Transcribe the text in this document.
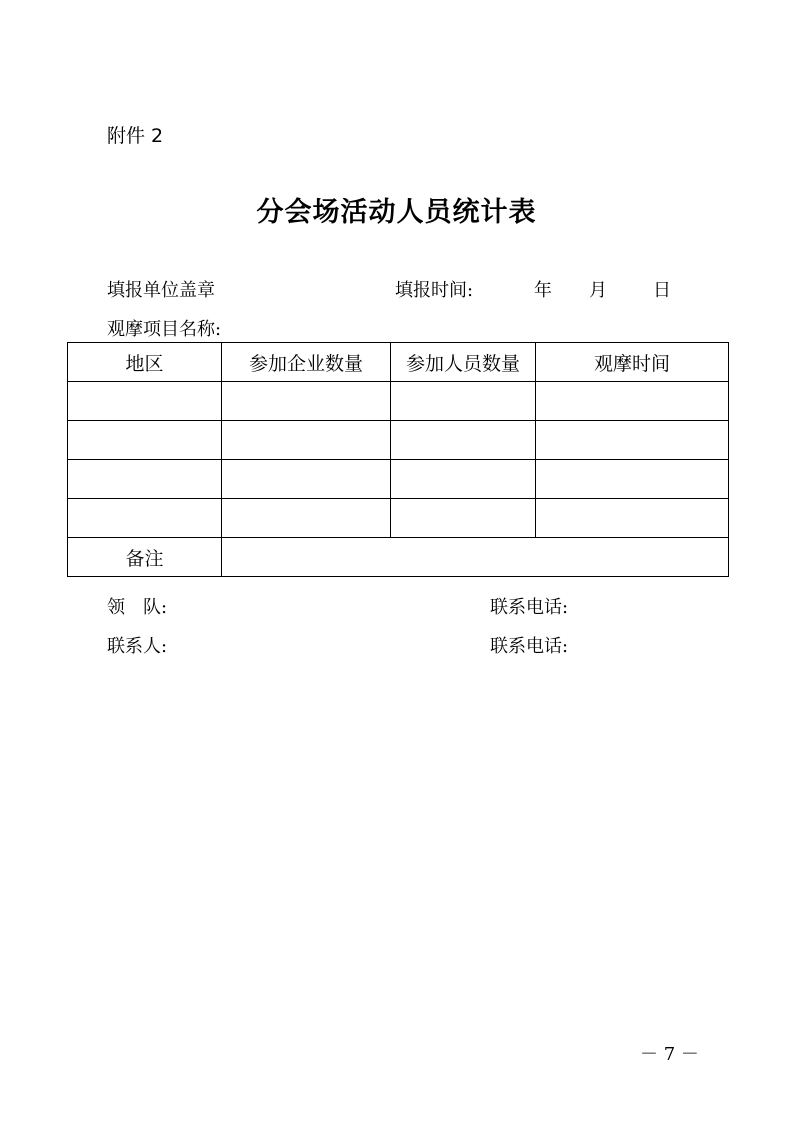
附件 2
分会场活动人员统计表
填报单位盖章	填报时间:	年 月	日
观摩项目名称:
地区	参加企业数量	参加人员数量	观摩时间

备注			
领　队:	联系电话:
联系人:	联系电话:
－ 7 －
